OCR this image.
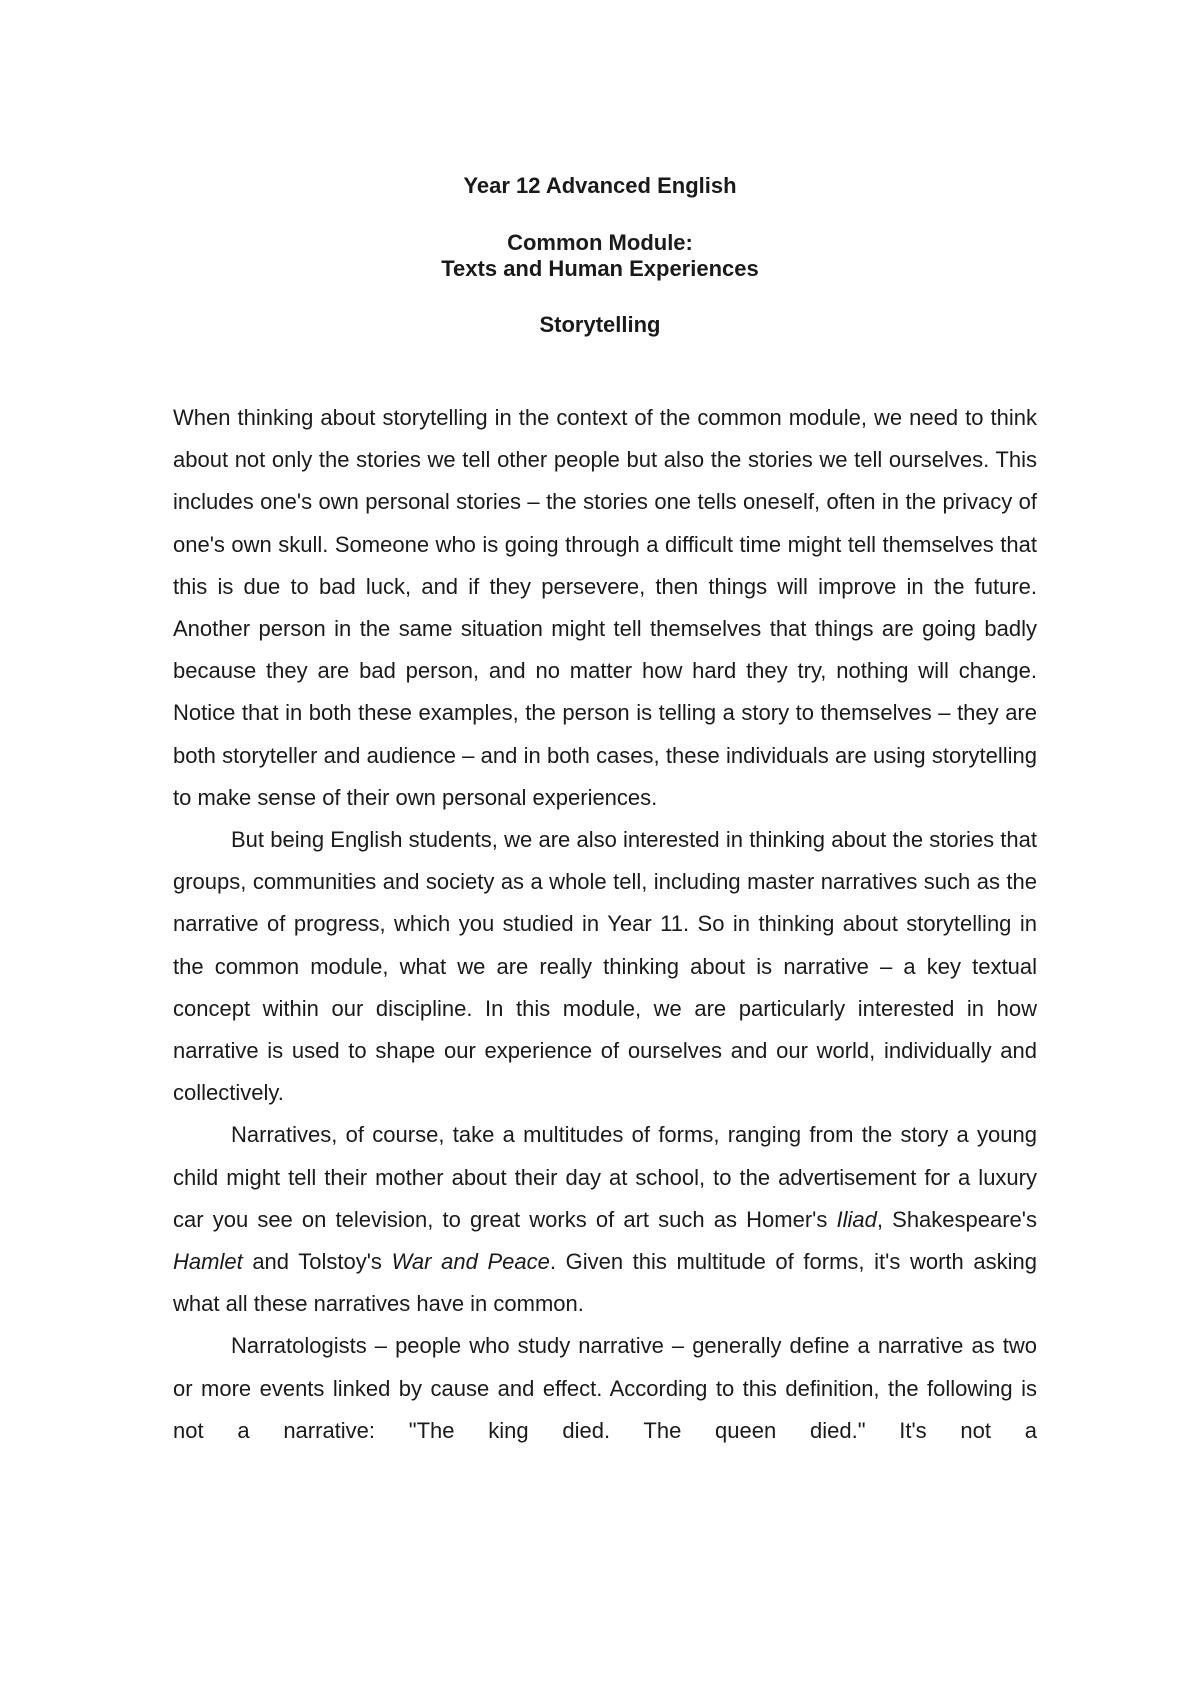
Year 12 Advanced English
Common Module:
Texts and Human Experiences
Storytelling

When thinking about storytelling in the context of the common module, we need to think about not only the stories we tell other people but also the stories we tell ourselves. This includes one's own personal stories – the stories one tells oneself, often in the privacy of one's own skull. Someone who is going through a difficult time might tell themselves that this is due to bad luck, and if they persevere, then things will improve in the future. Another person in the same situation might tell themselves that things are going badly because they are bad person, and no matter how hard they try, nothing will change. Notice that in both these examples, the person is telling a story to themselves – they are both storyteller and audience – and in both cases, these individuals are using storytelling to make sense of their own personal experiences.

But being English students, we are also interested in thinking about the stories that groups, communities and society as a whole tell, including master narratives such as the narrative of progress, which you studied in Year 11. So in thinking about storytelling in the common module, what we are really thinking about is narrative – a key textual concept within our discipline. In this module, we are particularly interested in how narrative is used to shape our experience of ourselves and our world, individually and collectively.

Narratives, of course, take a multitudes of forms, ranging from the story a young child might tell their mother about their day at school, to the advertisement for a luxury car you see on television, to great works of art such as Homer's Iliad, Shakespeare's Hamlet and Tolstoy's War and Peace. Given this multitude of forms, it's worth asking what all these narratives have in common.

Narratologists – people who study narrative – generally define a narrative as two or more events linked by cause and effect. According to this definition, the following is not a narrative: "The king died. The queen died." It's not a
